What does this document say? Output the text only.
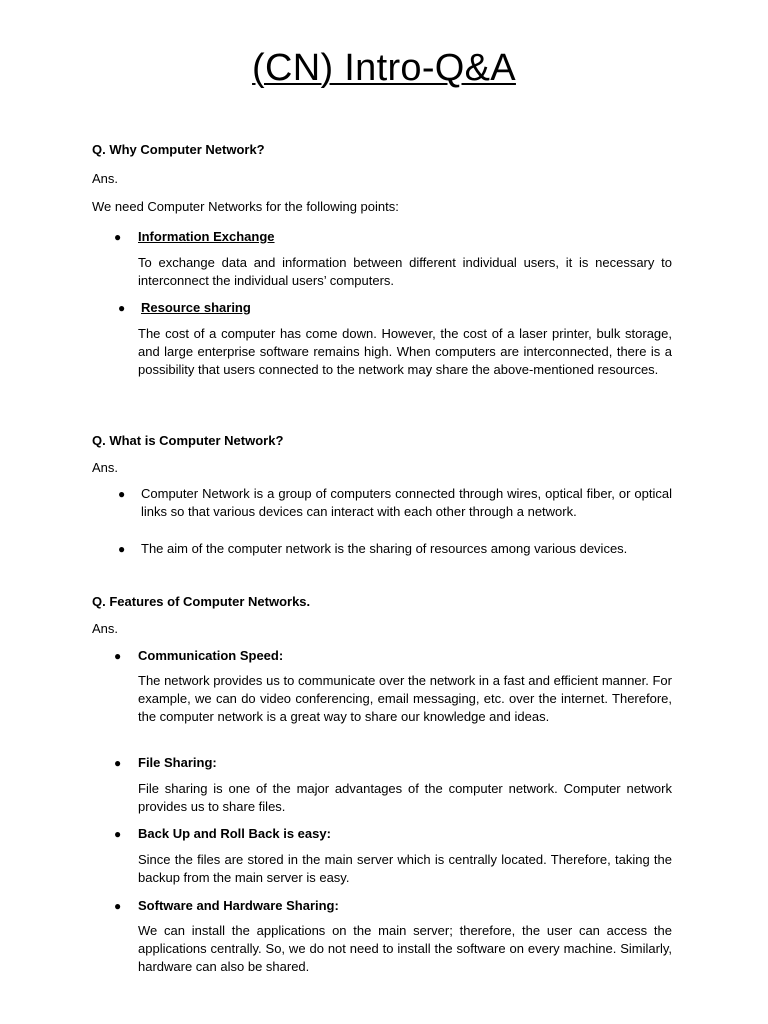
(CN) Intro-Q&A
Q. Why Computer Network?
Ans.
We need Computer Networks for the following points:
● Information Exchange

To exchange data and information between different individual users, it is necessary to interconnect the individual users’ computers.

● Resource sharing

The cost of a computer has come down. However, the cost of a laser printer, bulk storage, and large enterprise software remains high. When computers are interconnected, there is a possibility that users connected to the network may share the above-mentioned resources.

Q. What is Computer Network?
Ans.
● Computer Network is a group of computers connected through wires, optical fiber, or optical links so that various devices can interact with each other through a network.

● The aim of the computer network is the sharing of resources among various devices.
Q. Features of Computer Networks.
Ans.
● Communication Speed:

The network provides us to communicate over the network in a fast and efficient manner. For example, we can do video conferencing, email messaging, etc. over the internet. Therefore, the computer network is a great way to share our knowledge and ideas.

● File Sharing:

File sharing is one of the major advantages of the computer network. Computer network provides us to share files.

● Back Up and Roll Back is easy:

Since the files are stored in the main server which is centrally located. Therefore, taking the backup from the main server is easy.

● Software and Hardware Sharing:

We can install the applications on the main server; therefore, the user can access the applications centrally. So, we do not need to install the software on every machine. Similarly, hardware can also be shared.
